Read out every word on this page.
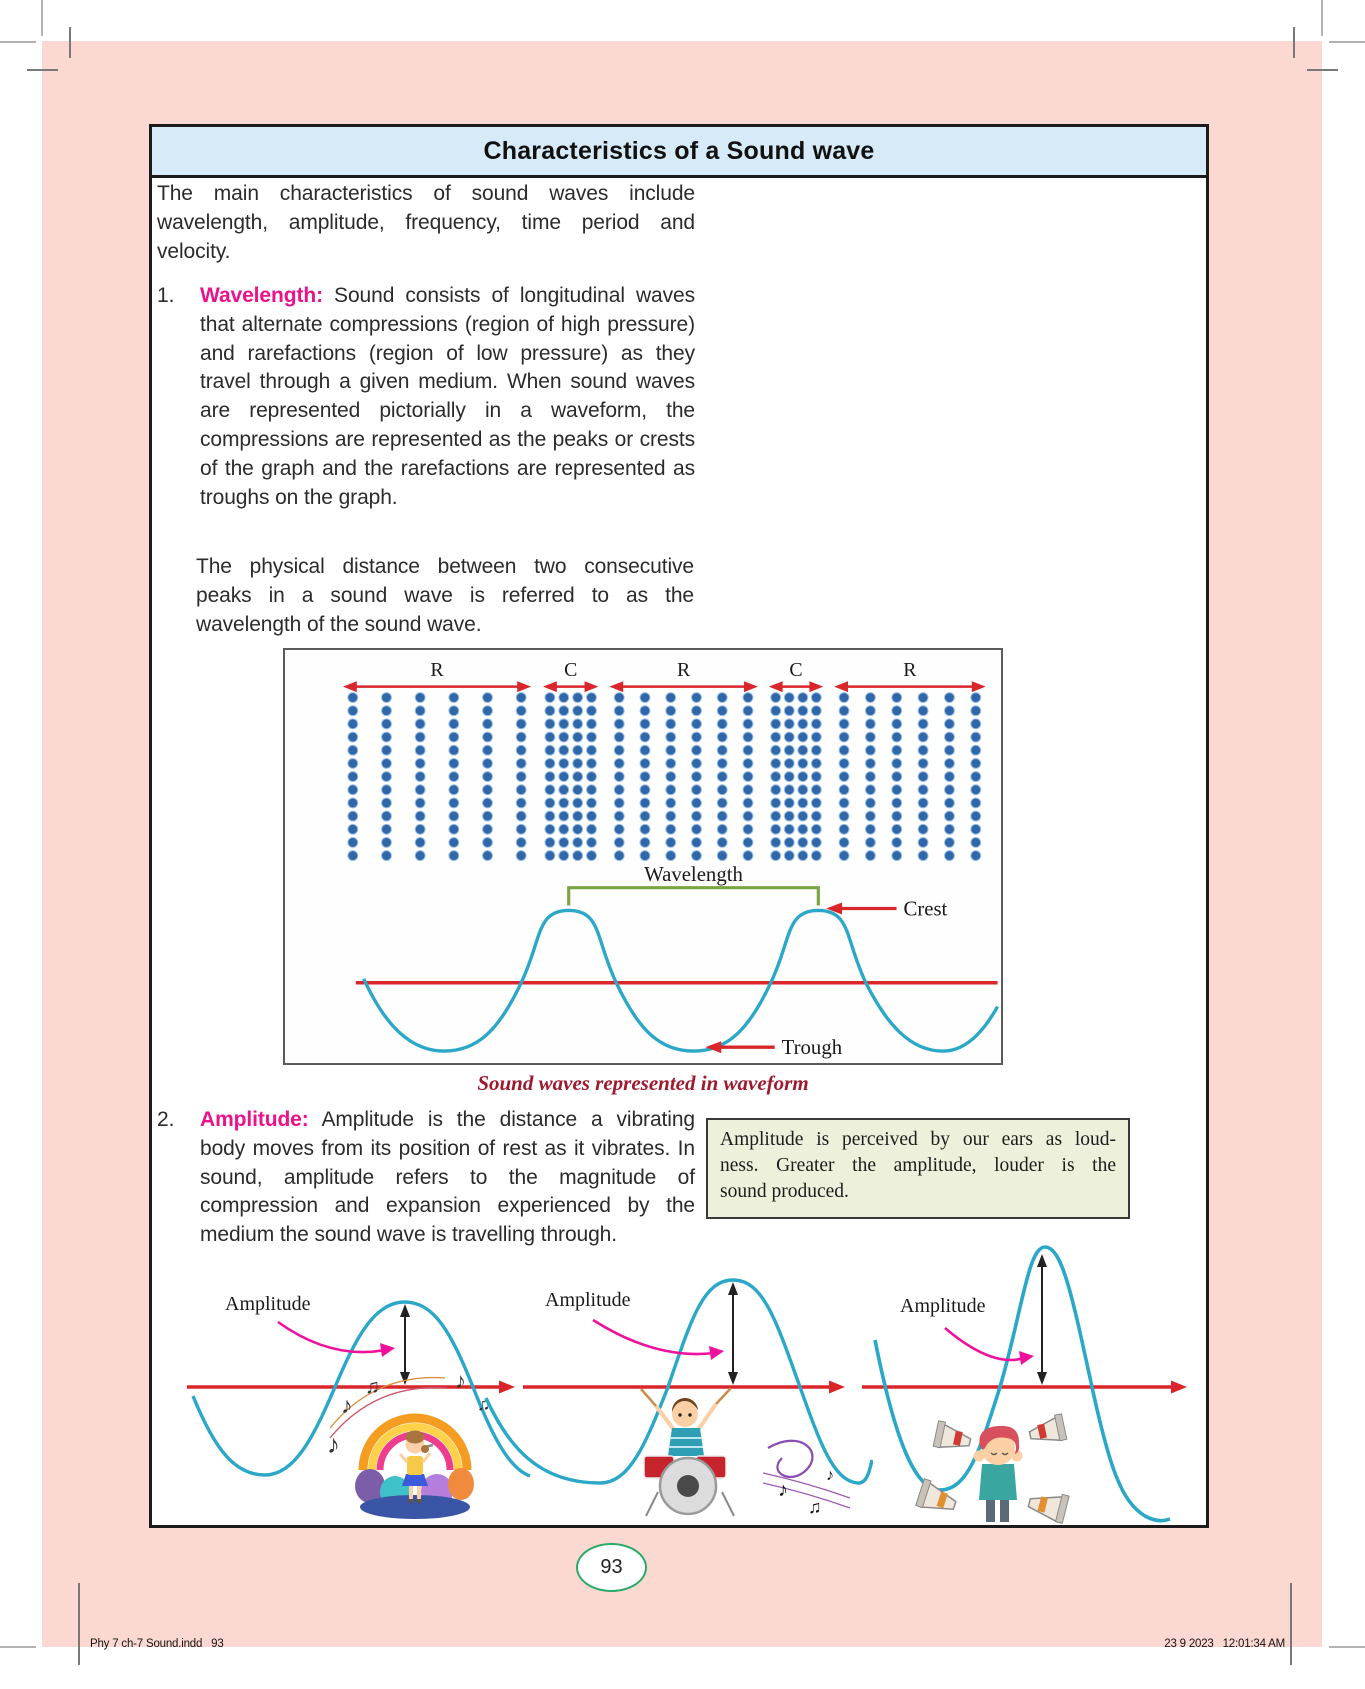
Characteristics of a Sound wave

The main characteristics of sound waves include wavelength, amplitude, frequency, time period and velocity.

1.	Wavelength: Sound consists of longitudinal waves that alternate compressions (region of high pressure) and rarefactions (region of low pressure) as they travel through a given medium. When sound waves are represented pictorially in a waveform, the compressions are represented as the peaks or crests of the graph and the rarefactions are represented as troughs on the graph.

The physical distance between two consecutive peaks in a sound wave is referred to as the wavelength of the sound wave.

R	C	R	C	R
Wavelength
Crest
Trough
Sound waves represented in waveform
2.	Amplitude: Amplitude is the distance a vibrating body moves from its position of rest as it vibrates. In sound, amplitude refers to the magnitude of compression and expansion experienced by the medium the sound wave is travelling through.
Amplitude is perceived by our ears as loud-
ness. Greater the amplitude, louder is the
sound produced.
Amplitude
♪
♫
♪
♪
♫
Amplitude
♪
♫
♪
Amplitude
93
Phy 7 ch-7 Sound.indd   93	23 9 2023   12:01:34 AM
